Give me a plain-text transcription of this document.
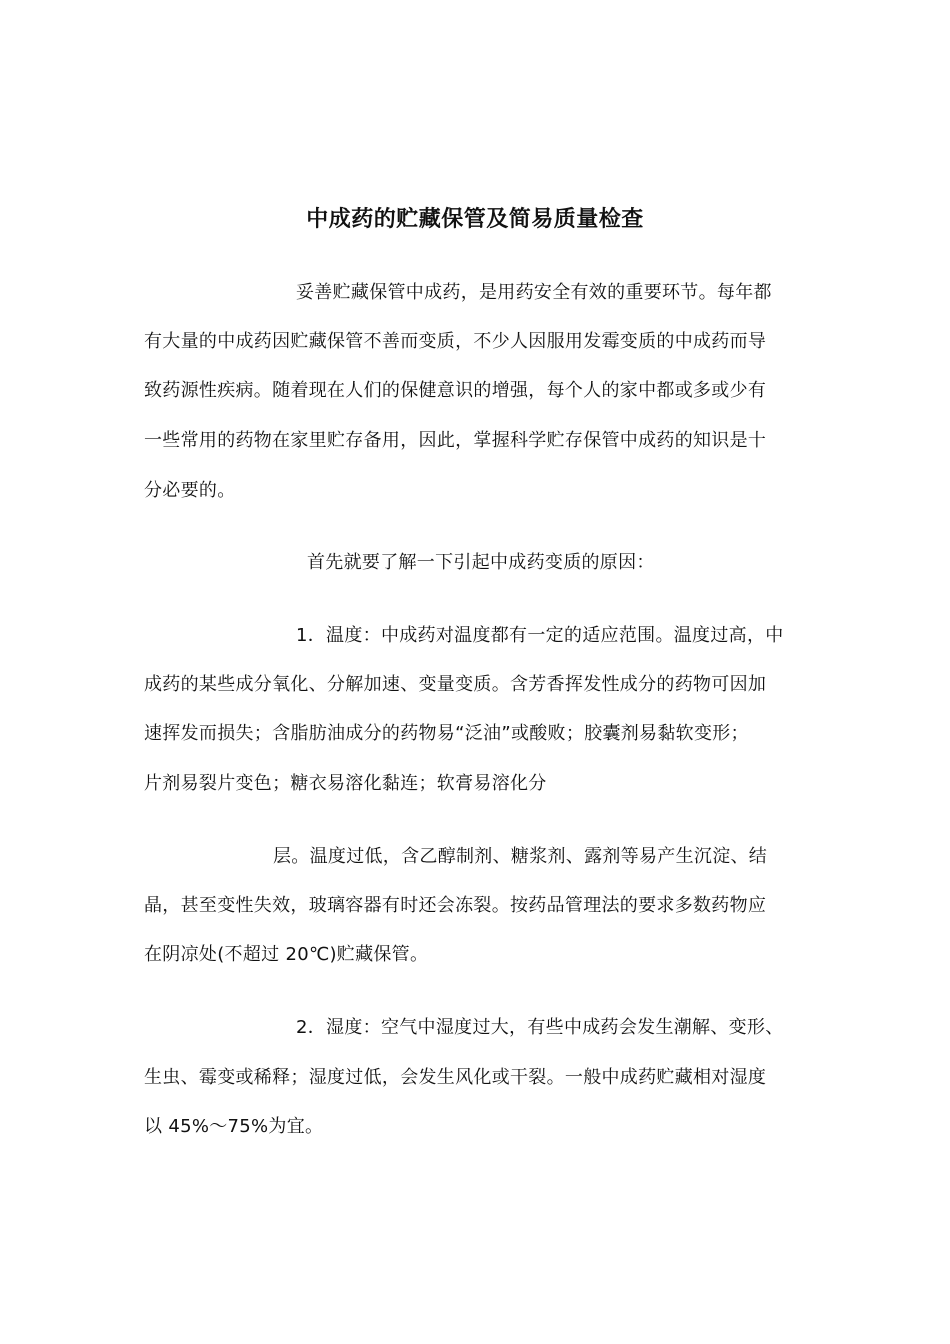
中成药的贮藏保管及简易质量检查

妥善贮藏保管中成药，是用药安全有效的重要环节。每年都

有大量的中成药因贮藏保管不善而变质，不少人因服用发霉变质的中成药而导

致药源性疾病。随着现在人们的保健意识的增强，每个人的家中都或多或少有

一些常用的药物在家里贮存备用，因此，掌握科学贮存保管中成药的知识是十

分必要的。

首先就要了解一下引起中成药变质的原因：

1．温度：中成药对温度都有一定的适应范围。温度过高，中

成药的某些成分氧化、分解加速、变量变质。含芳香挥发性成分的药物可因加

速挥发而损失；含脂肪油成分的药物易“泛油”或酸败；胶囊剂易黏软变形；

片剂易裂片变色；糖衣易溶化黏连；软膏易溶化分

层。温度过低，含乙醇制剂、糖浆剂、露剂等易产生沉淀、结

晶，甚至变性失效，玻璃容器有时还会冻裂。按药品管理法的要求多数药物应

在阴凉处(不超过 20℃)贮藏保管。

2．湿度：空气中湿度过大，有些中成药会发生潮解、变形、

生虫、霉变或稀释；湿度过低，会发生风化或干裂。一般中成药贮藏相对湿度

以 45%～75%为宜。
